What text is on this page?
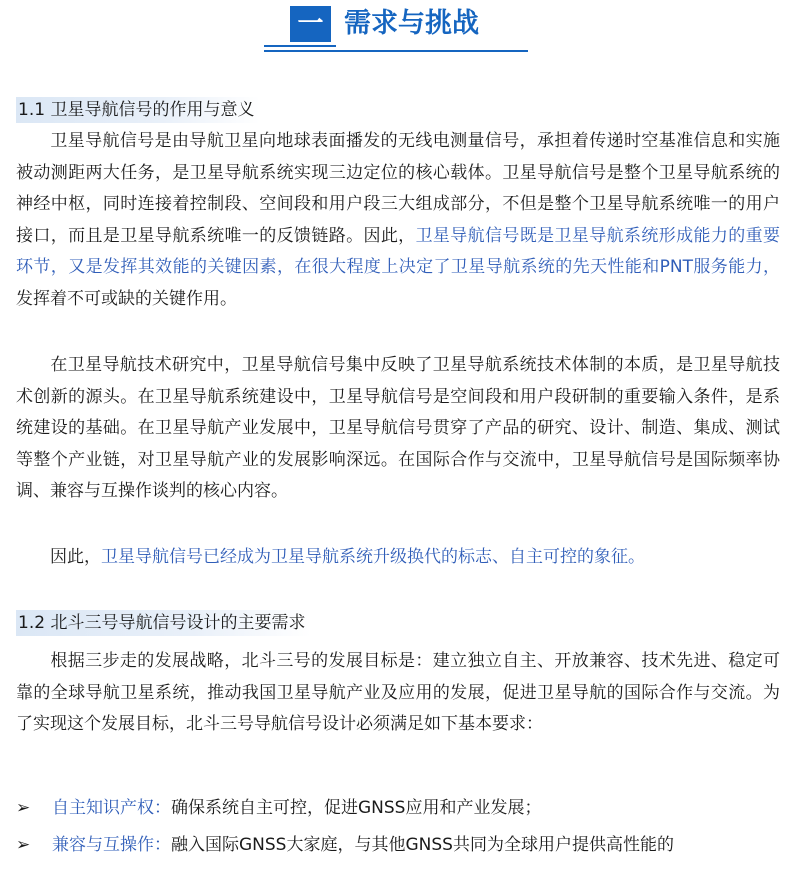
一 需求与挑战
1.1 卫星导航信号的作用与意义
卫星导航信号是由导航卫星向地球表面播发的无线电测量信号，承担着传递时空基准信息和实施被动测距两大任务，是卫星导航系统实现三边定位的核心载体。卫星导航信号是整个卫星导航系统的神经中枢，同时连接着控制段、空间段和用户段三大组成部分，不但是整个卫星导航系统唯一的用户接口，而且是卫星导航系统唯一的反馈链路。因此，卫星导航信号既是卫星导航系统形成能力的重要环节，又是发挥其效能的关键因素，在很大程度上决定了卫星导航系统的先天性能和PNT服务能力，发挥着不可或缺的关键作用。
在卫星导航技术研究中，卫星导航信号集中反映了卫星导航系统技术体制的本质，是卫星导航技术创新的源头。在卫星导航系统建设中，卫星导航信号是空间段和用户段研制的重要输入条件，是系统建设的基础。在卫星导航产业发展中，卫星导航信号贯穿了产品的研究、设计、制造、集成、测试等整个产业链，对卫星导航产业的发展影响深远。在国际合作与交流中，卫星导航信号是国际频率协调、兼容与互操作谈判的核心内容。
因此，卫星导航信号已经成为卫星导航系统升级换代的标志、自主可控的象征。
1.2 北斗三号导航信号设计的主要需求
根据三步走的发展战略，北斗三号的发展目标是：建立独立自主、开放兼容、技术先进、稳定可靠的全球导航卫星系统，推动我国卫星导航产业及应用的发展，促进卫星导航的国际合作与交流。为了实现这个发展目标，北斗三号导航信号设计必须满足如下基本要求：
➢ 自主知识产权：确保系统自主可控，促进GNSS应用和产业发展；
➢ 兼容与互操作：融入国际GNSS大家庭，与其他GNSS共同为全球用户提供高性能的
